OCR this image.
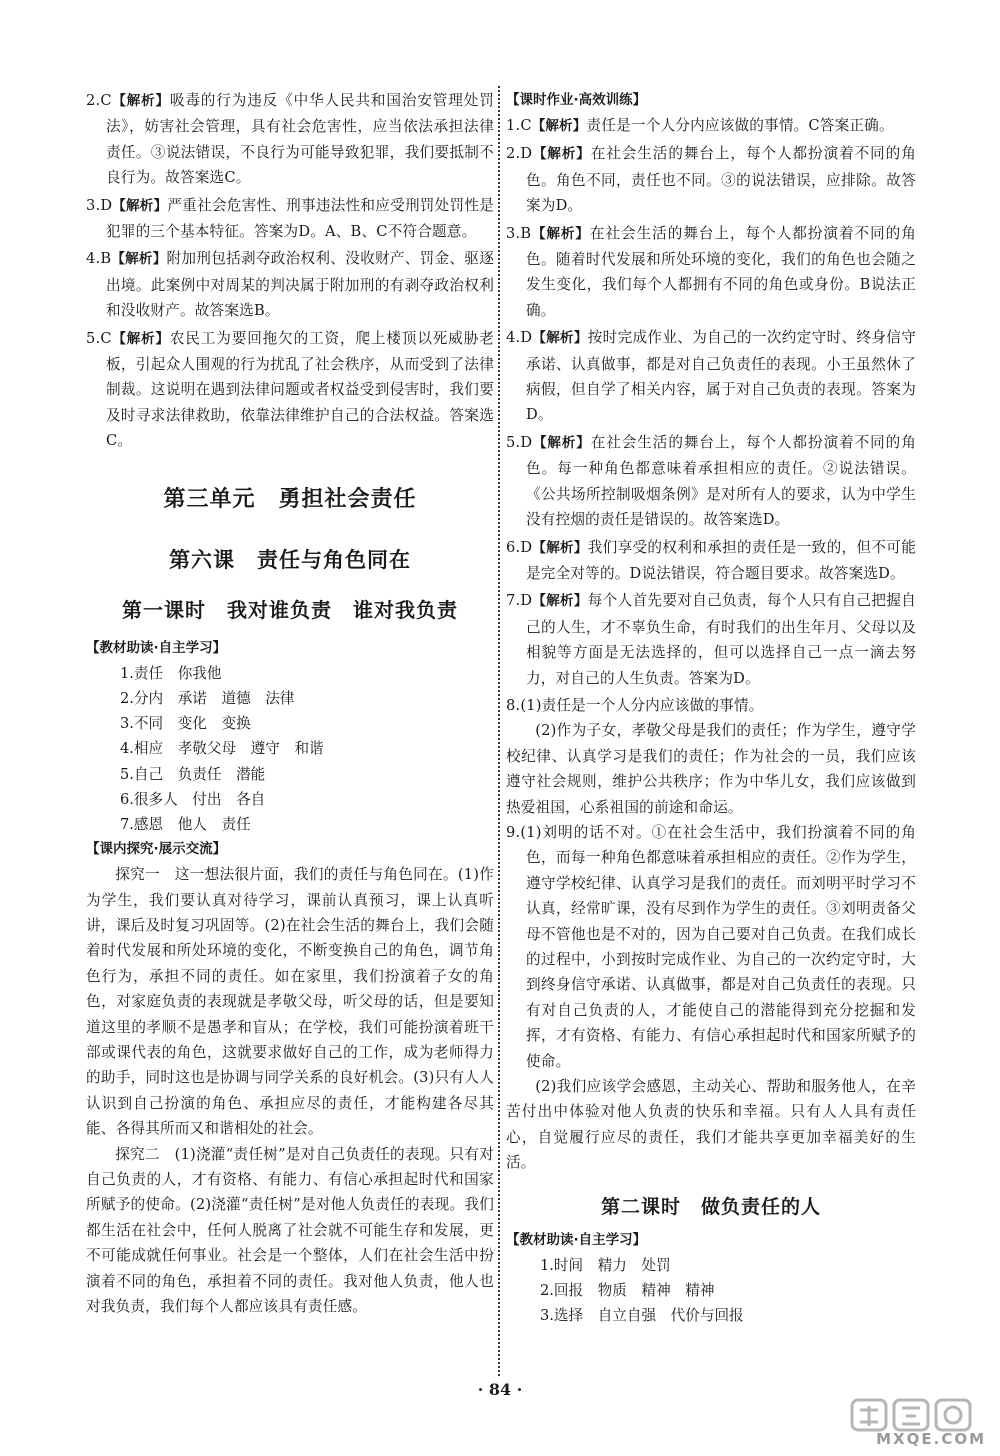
2.C【解析】吸毒的行为违反《中华人民共和国治安管理处罚法》，妨害社会管理，具有社会危害性，应当依法承担法律责任。③说法错误，不良行为可能导致犯罪，我们要抵制不良行为。故答案选C。

3.D【解析】严重社会危害性、刑事违法性和应受刑罚处罚性是犯罪的三个基本特征。答案为D。A、B、C不符合题意。

4.B【解析】附加刑包括剥夺政治权利、没收财产、罚金、驱逐出境。此案例中对周某的判决属于附加刑的有剥夺政治权利和没收财产。故答案选B。

5.C【解析】农民工为要回拖欠的工资，爬上楼顶以死威胁老板，引起众人围观的行为扰乱了社会秩序，从而受到了法律制裁。这说明在遇到法律问题或者权益受到侵害时，我们要及时寻求法律救助，依靠法律维护自己的合法权益。答案选C。

第三单元　勇担社会责任
第六课　责任与角色同在
第一课时　我对谁负责　谁对我负责

【教材助读·自主学习】

1.责任　你我他

2.分内　承诺　道德　法律

3.不同　变化　变换

4.相应　孝敬父母　遵守　和谐

5.自己　负责任　潜能

6.很多人　付出　各自

7.感恩　他人　责任

【课内探究·展示交流】

探究一　这一想法很片面，我们的责任与角色同在。(1)作为学生，我们要认真对待学习，课前认真预习，课上认真听讲，课后及时复习巩固等。(2)在社会生活的舞台上，我们会随着时代发展和所处环境的变化，不断变换自己的角色，调节角色行为，承担不同的责任。如在家里，我们扮演着子女的角色，对家庭负责的表现就是孝敬父母，听父母的话，但是要知道这里的孝顺不是愚孝和盲从；在学校，我们可能扮演着班干部或课代表的角色，这就要求做好自己的工作，成为老师得力的助手，同时这也是协调与同学关系的良好机会。(3)只有人人认识到自己扮演的角色、承担应尽的责任，才能构建各尽其能、各得其所而又和谐相处的社会。

探究二　(1)浇灌“责任树”是对自己负责任的表现。只有对自己负责的人，才有资格、有能力、有信心承担起时代和国家所赋予的使命。(2)浇灌“责任树”是对他人负责任的表现。我们都生活在社会中，任何人脱离了社会就不可能生存和发展，更不可能成就任何事业。社会是一个整体，人们在社会生活中扮演着不同的角色，承担着不同的责任。我对他人负责，他人也对我负责，我们每个人都应该具有责任感。

【课时作业·高效训练】

1.C【解析】责任是一个人分内应该做的事情。C答案正确。

2.D【解析】在社会生活的舞台上，每个人都扮演着不同的角色。角色不同，责任也不同。③的说法错误，应排除。故答案为D。

3.B【解析】在社会生活的舞台上，每个人都扮演着不同的角色。随着时代发展和所处环境的变化，我们的角色也会随之发生变化，我们每个人都拥有不同的角色或身份。B说法正确。

4.D【解析】按时完成作业、为自己的一次约定守时、终身信守承诺、认真做事，都是对自己负责任的表现。小王虽然休了病假，但自学了相关内容，属于对自己负责的表现。答案为D。

5.D【解析】在社会生活的舞台上，每个人都扮演着不同的角色。每一种角色都意味着承担相应的责任。②说法错误。《公共场所控制吸烟条例》是对所有人的要求，认为中学生没有控烟的责任是错误的。故答案选D。

6.D【解析】我们享受的权利和承担的责任是一致的，但不可能是完全对等的。D说法错误，符合题目要求。故答案选D。

7.D【解析】每个人首先要对自己负责，每个人只有自己把握自己的人生，才不辜负生命，有时我们的出生年月、父母以及相貌等方面是无法选择的，但可以选择自己一点一滴去努力，对自己的人生负责。答案为D。

8.(1)责任是一个人分内应该做的事情。

(2)作为子女，孝敬父母是我们的责任；作为学生，遵守学校纪律、认真学习是我们的责任；作为社会的一员，我们应该遵守社会规则，维护公共秩序；作为中华儿女，我们应该做到热爱祖国，心系祖国的前途和命运。

9.(1)刘明的话不对。①在社会生活中，我们扮演着不同的角色，而每一种角色都意味着承担相应的责任。②作为学生，遵守学校纪律、认真学习是我们的责任。而刘明平时学习不认真，经常旷课，没有尽到作为学生的责任。③刘明责备父母不管他也是不对的，因为自己要对自己负责。在我们成长的过程中，小到按时完成作业、为自己的一次约定守时，大到终身信守承诺、认真做事，都是对自己负责任的表现。只有对自己负责的人，才能使自己的潜能得到充分挖掘和发挥，才有资格、有能力、有信心承担起时代和国家所赋予的使命。

(2)我们应该学会感恩，主动关心、帮助和服务他人，在辛苦付出中体验对他人负责的快乐和幸福。只有人人具有责任心，自觉履行应尽的责任，我们才能共享更加幸福美好的生活。

第二课时　做负责任的人

【教材助读·自主学习】

1.时间　精力　处罚

2.回报　物质　精神　精神

3.选择　自立自强　代价与回报

· 84 ·
MXQE.COM
